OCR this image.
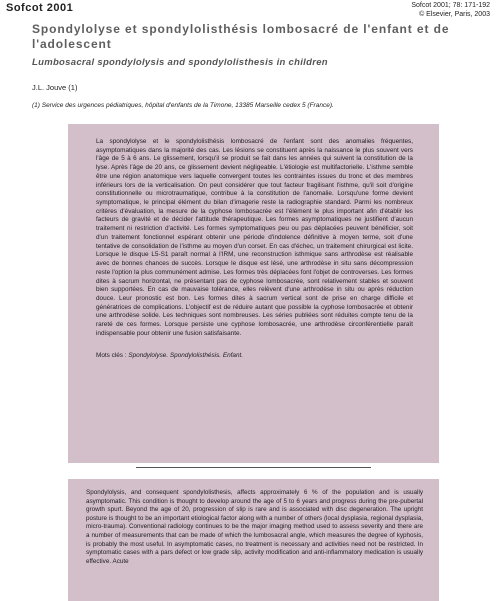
Sofcot 2001	Sofcot 2001; 78: 171-192
© Elsevier, Paris, 2003
Spondylolyse et spondylolisthésis lombosacré de l'enfant et de l'adolescent
Lumbosacral spondylolysis and spondylolisthesis in children
J.L. Jouve (1)
(1) Service des urgences pédiatriques, hôpital d'enfants de la Timone, 13385 Marseille cedex 5 (France).

La spondylolyse et le spondylolisthésis lombosacré de l'enfant sont des anomalies fréquentes, asymptomatiques dans la majorité des cas. Les lésions se constituent après la naissance le plus souvent vers l'âge de 5 à 6 ans. Le glissement, lorsqu'il se produit se fait dans les années qui suivent la constitution de la lyse. Après l'âge de 20 ans, ce glissement devient négligeable. L'étiologie est multifactorielle. L'isthme semble être une région anatomique vers laquelle convergent toutes les contraintes issues du tronc et des membres inférieurs lors de la verticalisation. On peut considérer que tout facteur fragilisant l'isthme, qu'il soit d'origine constitutionnelle ou microtraumatique, contribue à la constitution de l'anomalie. Lorsqu'une forme devient symptomatique, le principal élément du bilan d'imagerie reste la radiographie standard. Parmi les nombreux critères d'évaluation, la mesure de la cyphose lombosacrée est l'élément le plus important afin d'établir les facteurs de gravité et de décider l'attitude thérapeutique. Les formes asymptomatiques ne justifient d'aucun traitement ni restriction d'activité. Les formes symptomatiques peu ou pas déplacées peuvent bénéficier, soit d'un traitement fonctionnel espérant obtenir une période d'indolence définitive à moyen terme, soit d'une tentative de consolidation de l'isthme au moyen d'un corset. En cas d'échec, un traitement chirurgical est licite. Lorsque le disque L5-S1 paraît normal à l'IRM, une reconstruction isthmique sans arthrodèse est réalisable avec de bonnes chances de succès. Lorsque le disque est lésé, une arthrodèse in situ sans décompression reste l'option la plus communément admise. Les formes très déplacées font l'objet de controverses. Les formes dites à sacrum horizontal, ne présentant pas de cyphose lombosacrée, sont relativement stables et souvent bien supportées. En cas de mauvaise tolérance, elles relèvent d'une arthrodèse in situ ou après réduction douce. Leur pronostic est bon. Les formes dites à sacrum vertical sont de prise en charge difficile et génératrices de complications. L'objectif est de réduire autant que possible la cyphose lombosacrée et obtenir une arthrodèse solide. Les techniques sont nombreuses. Les séries publiées sont réduites compte tenu de la rareté de ces formes. Lorsque persiste une cyphose lombosacrée, une arthrodèse circonférentielle paraît indispensable pour obtenir une fusion satisfaisante.

Mots clés : Spondylolyse. Spondylolisthésis. Enfant.

Spondylolysis, and consequent spondylolisthesis, affects approximately 6 % of the population and is usually asymptomatic. This condition is thought to develop around the age of 5 to 6 years and progress during the pre-pubertal growth spurt. Beyond the age of 20, progression of slip is rare and is associated with disc degeneration. The upright posture is thought to be an important etiological factor along with a number of others (local dysplasia, regional dysplasia, micro-trauma). Conventional radiology continues to be the major imaging method used to assess severity and there are a number of measurements that can be made of which the lumbosacral angle, which measures the degree of kyphosis, is probably the most useful. In asymptomatic cases, no treatment is necessary and activities need not be restricted. In symptomatic cases with a pars defect or low grade slip, activity modification and anti-inflammatory medication is usually effective. Acute
